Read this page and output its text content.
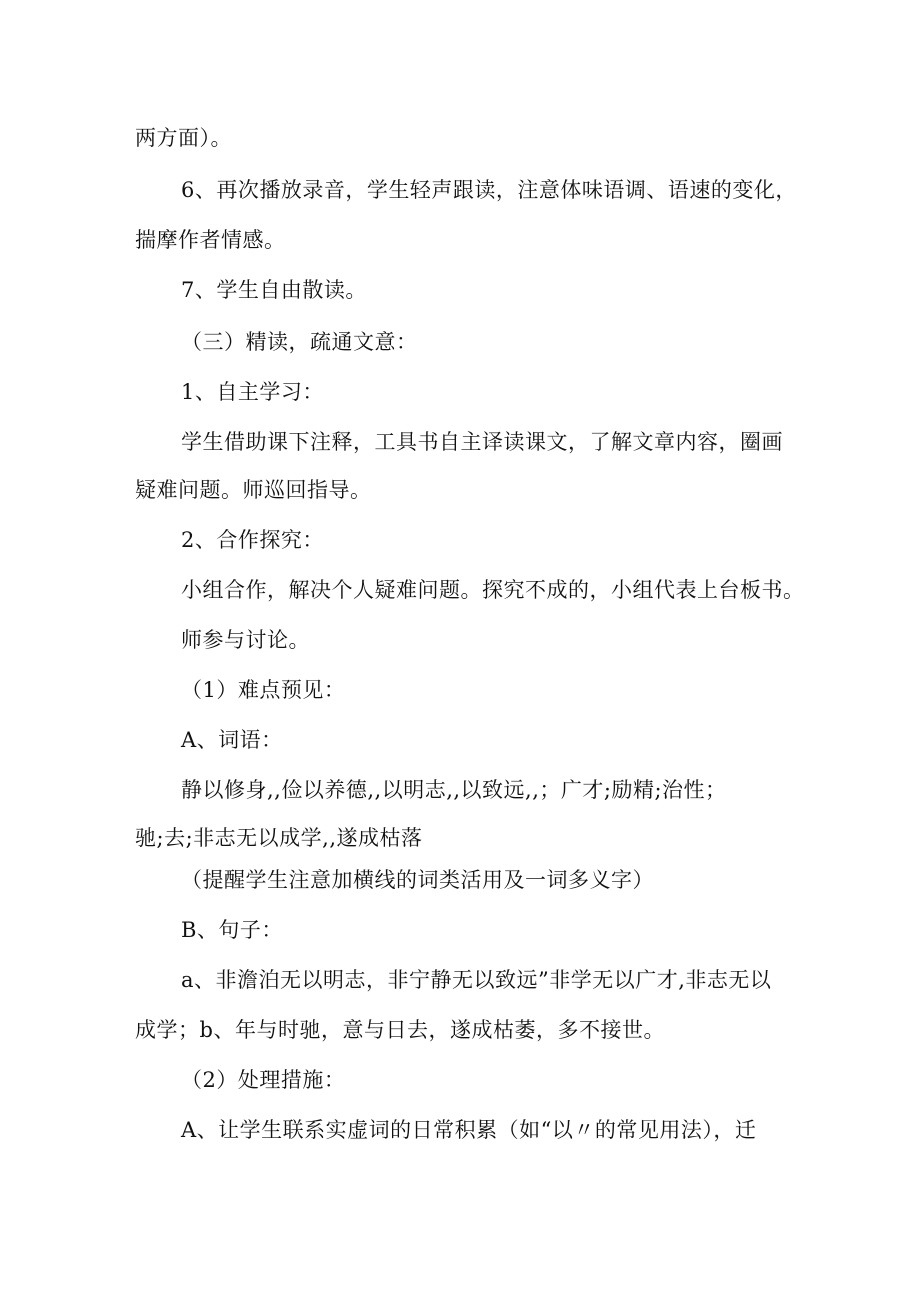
两方面）。
6、再次播放录音，学生轻声跟读，注意体味语调、语速的变化，
揣摩作者情感。
7、学生自由散读。
（三）精读，疏通文意：
1、自主学习：
学生借助课下注释，工具书自主译读课文，了解文章内容，圈画
疑难问题。师巡回指导。
2、合作探究：
小组合作，解决个人疑难问题。探究不成的，小组代表上台板书。
师参与讨论。
（1）难点预见：
A、词语：
静以修身,,俭以养德,,以明志,,以致远,,；广才;励精;治性；
驰;去;非志无以成学,,遂成枯落
（提醒学生注意加横线的词类活用及一词多义字）
B、句子：
a、非澹泊无以明志，非宁静无以致远”非学无以广才,非志无以
成学；b、年与时驰，意与日去，遂成枯萎，多不接世。
（2）处理措施：
A、让学生联系实虚词的日常积累（如“以〃的常见用法），迁
